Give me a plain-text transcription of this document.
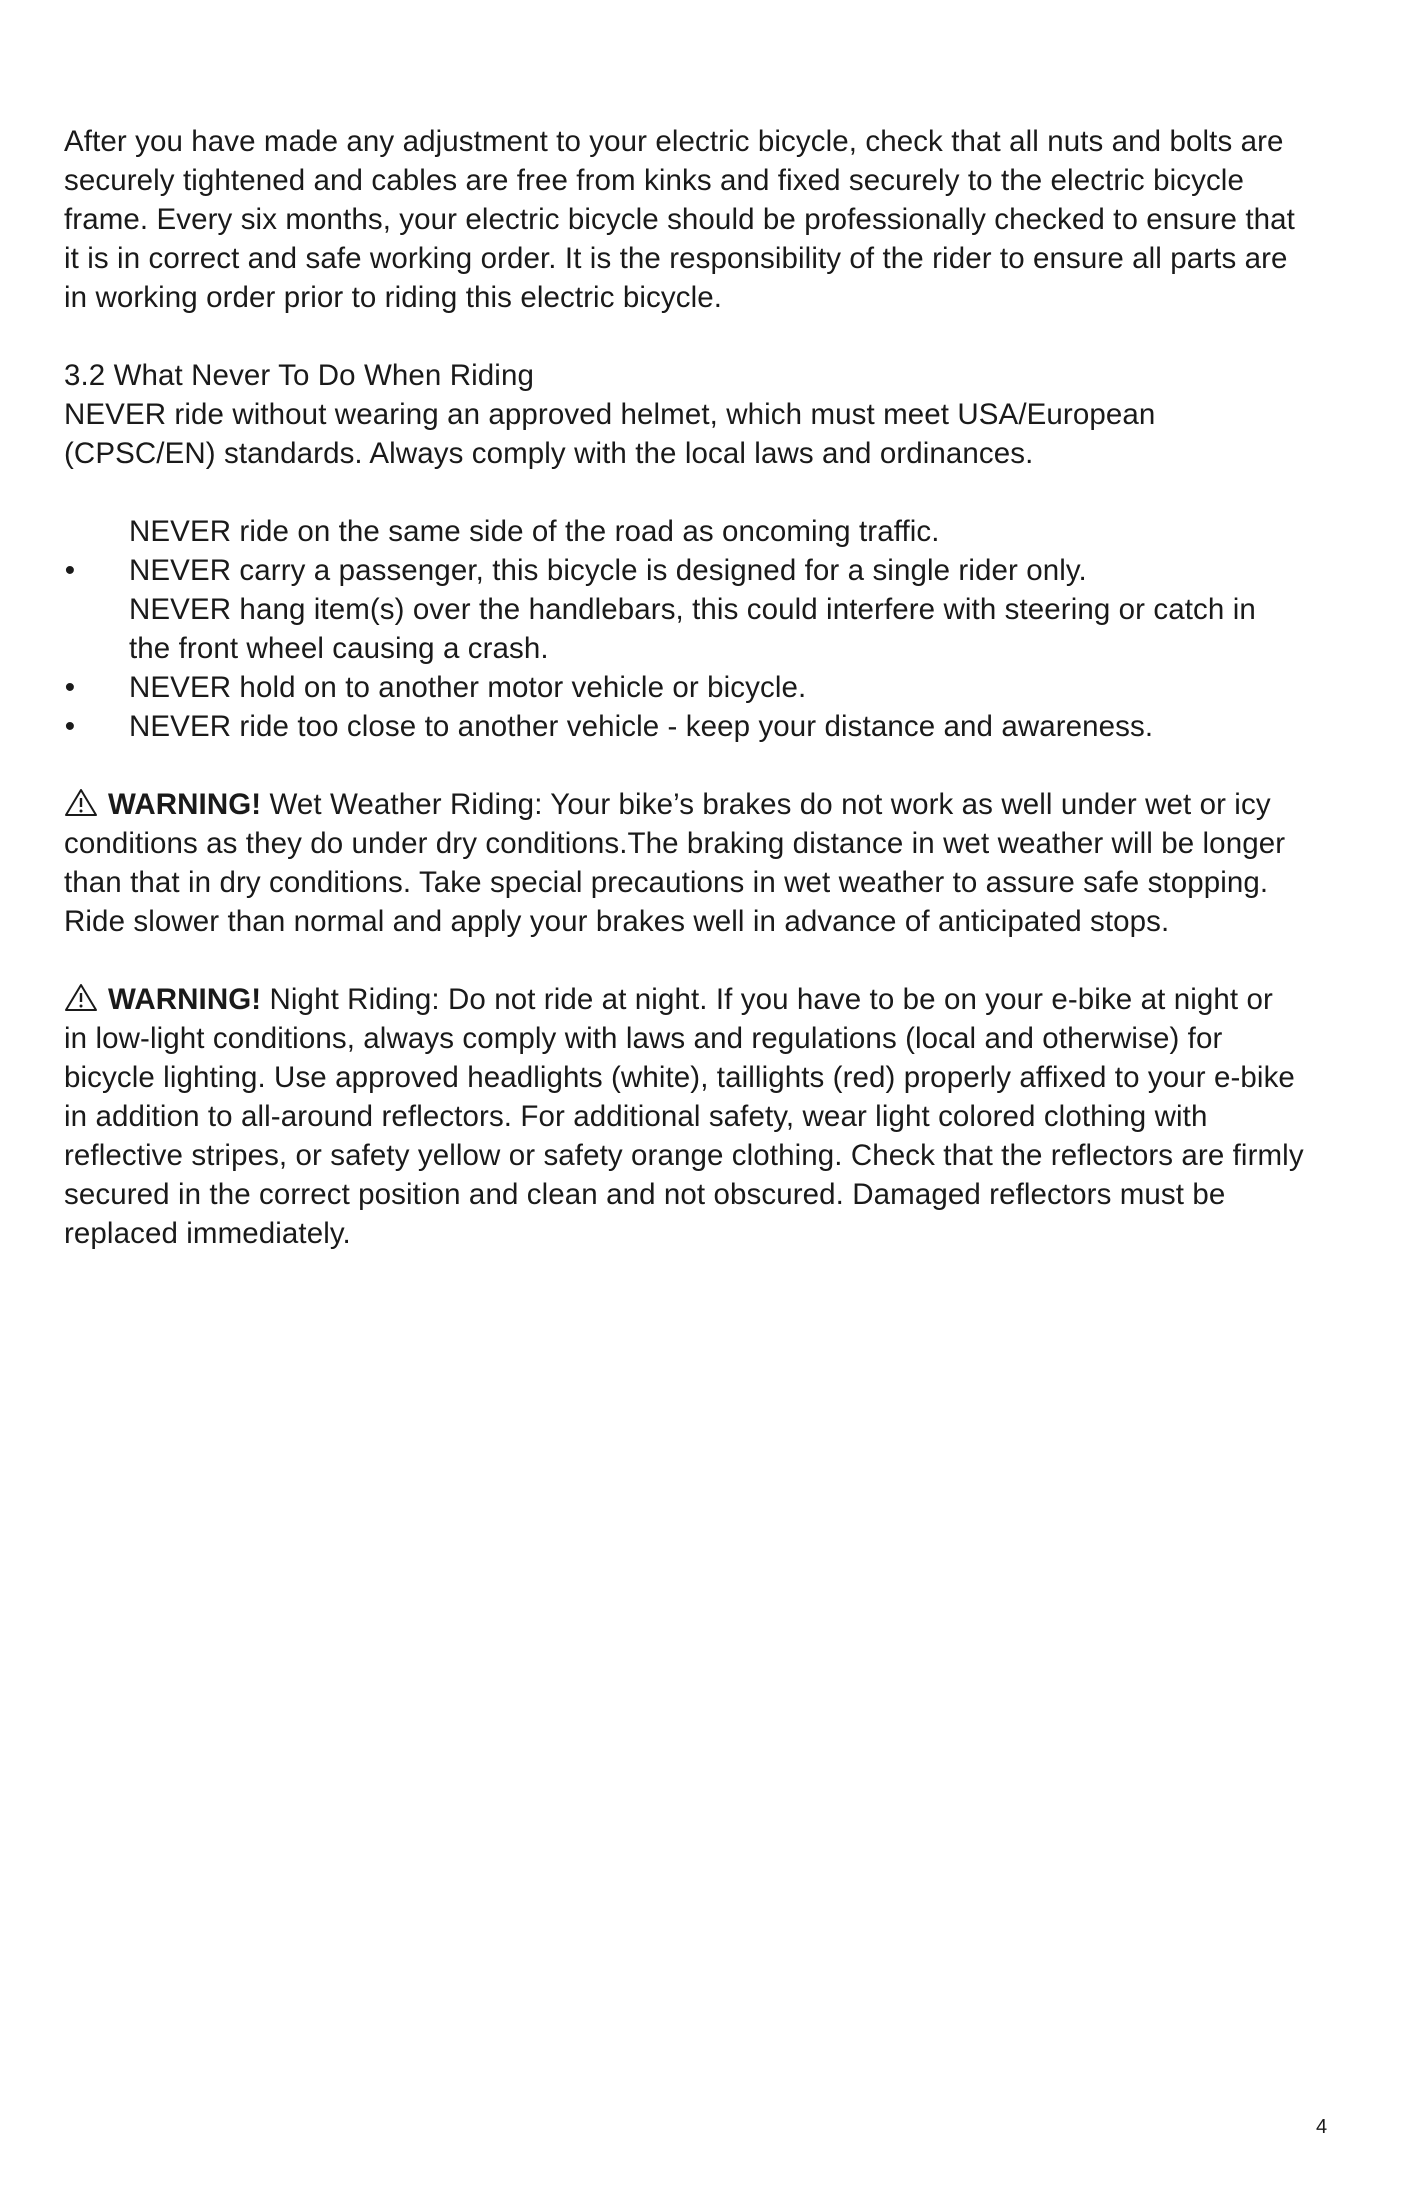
After you have made any adjustment to your electric bicycle, check that all nuts and bolts are securely tightened and cables are free from kinks and fixed securely to the electric bicycle frame. Every six months, your electric bicycle should be professionally checked to ensure that it is in correct and safe working order. It is the responsibility of the rider to ensure all parts are in working order prior to riding this electric bicycle.

3.2 What Never To Do When Riding

NEVER ride without wearing an approved helmet, which must meet USA/European (CPSC/EN) standards. Always comply with the local laws and ordinances.

NEVER ride on the same side of the road as oncoming traffic.
• NEVER carry a passenger, this bicycle is designed for a single rider only.
NEVER hang item(s) over the handlebars, this could interfere with steering or catch in the front wheel causing a crash.
• NEVER hold on to another motor vehicle or bicycle.
• NEVER ride too close to another vehicle - keep your distance and awareness.

WARNING! Wet Weather Riding: Your bike’s brakes do not work as well under wet or icy conditions as they do under dry conditions.The braking distance in wet weather will be longer than that in dry conditions. Take special precautions in wet weather to assure safe stopping. Ride slower than normal and apply your brakes well in advance of anticipated stops.

WARNING! Night Riding: Do not ride at night. If you have to be on your e-bike at night or in low-light conditions, always comply with laws and regulations (local and otherwise) for bicycle lighting. Use approved headlights (white), taillights (red) properly affixed to your e-bike in addition to all-around reflectors. For additional safety, wear light colored clothing with reflective stripes, or safety yellow or safety orange clothing. Check that the reflectors are firmly secured in the correct position and clean and not obscured. Damaged reflectors must be replaced immediately.

4
